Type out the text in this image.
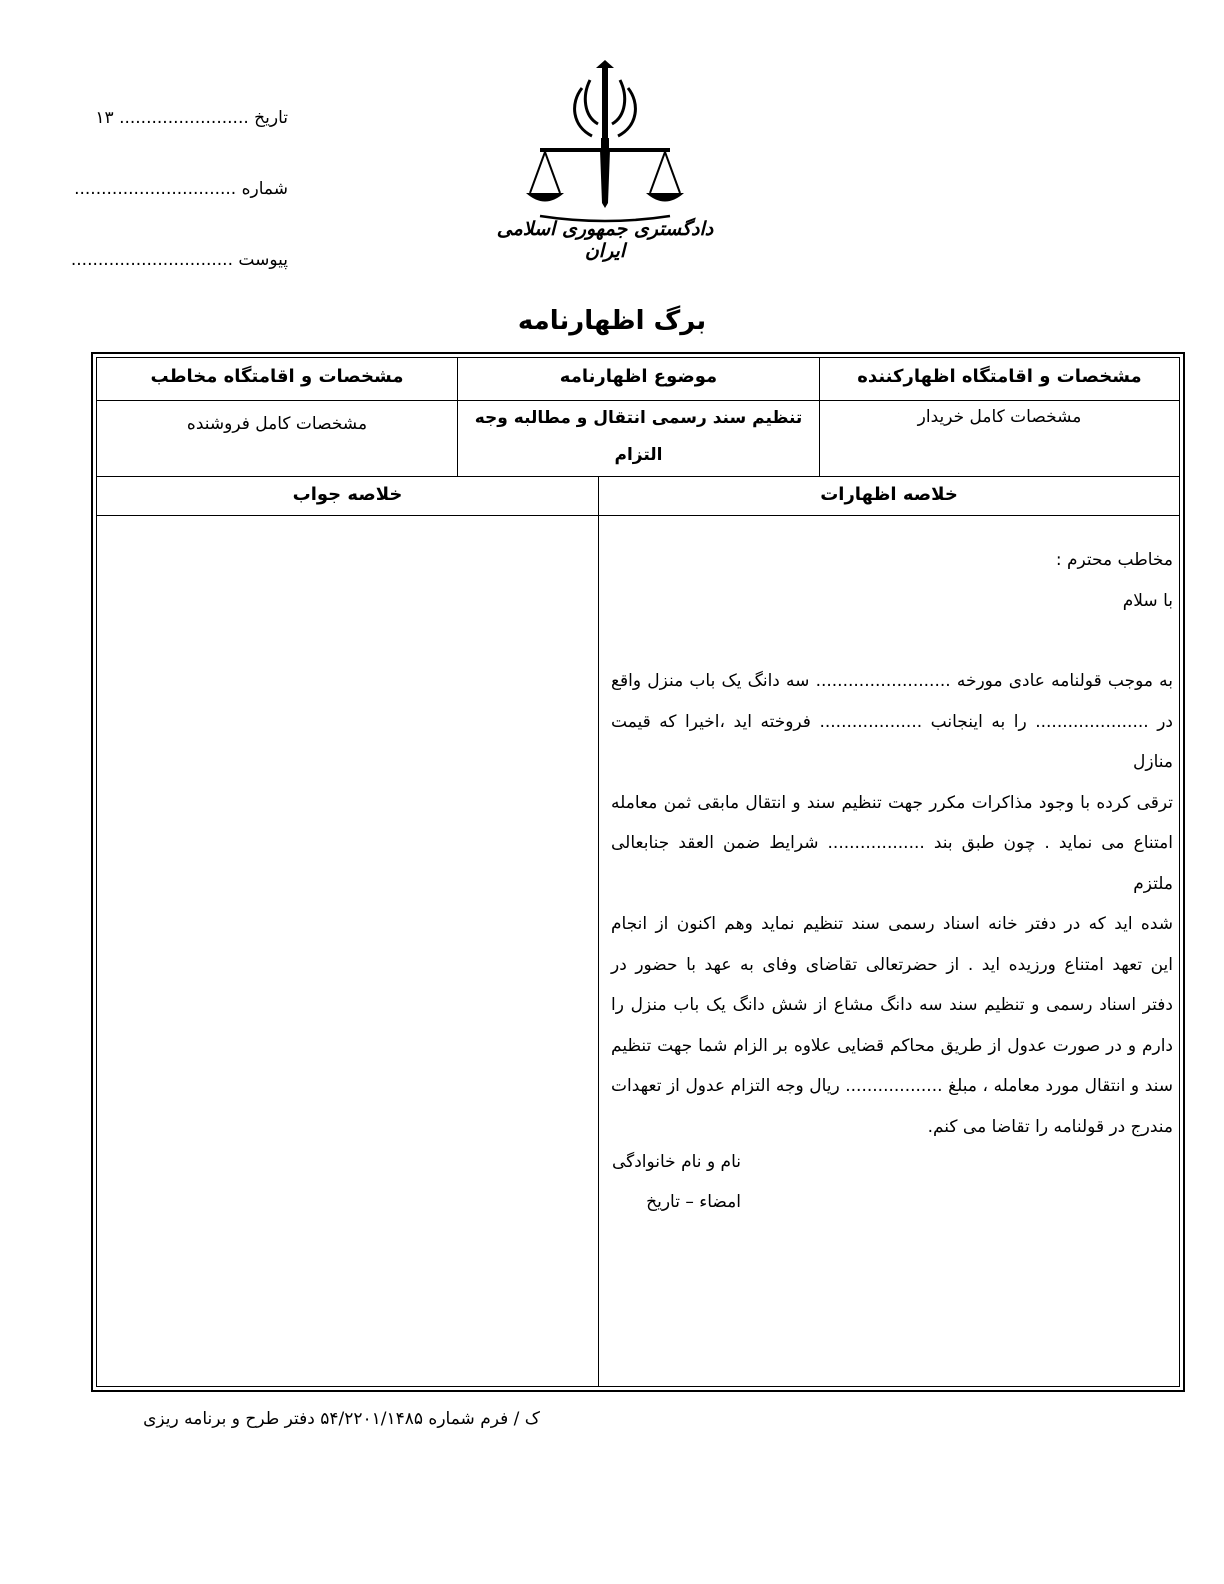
تاریخ ........................ ۱۳
شماره ..............................
پیوست ..............................
دادگستری جمهوری اسلامی ایران
برگ اظهارنامه
مشخصات و اقامتگاه اظهارکننده
موضوع اظهارنامه
مشخصات و اقامتگاه مخاطب
مشخصات کامل خریدار
تنظیم سند رسمی انتقال و مطالبه وجه
التزام
مشخصات کامل فروشنده
خلاصه اظهارات
خلاصه جواب

مخاطب محترم :

با سلام

به موجب قولنامه عادی مورخه ......................... سه دانگ یک باب منزل واقع

در ..................... را به اینجانب ................... فروخته اید ،اخیرا که قیمت منازل

ترقی کرده با وجود مذاکرات مکرر جهت تنظیم سند و انتقال مابقی ثمن معامله

امتناع می نماید . چون طبق بند .................. شرایط ضمن العقد جنابعالی ملتزم

شده اید که در دفتر خانه اسناد رسمی سند تنظیم نماید وهم اکنون از انجام

این تعهد امتناع ورزیده اید . از حضرتعالی تقاضای وفای به عهد با حضور در

دفتر اسناد رسمی و تنظیم سند سه دانگ مشاع از شش دانگ یک باب منزل را

دارم و در صورت عدول از طریق محاکم قضایی علاوه بر الزام شما جهت تنظیم

سند و انتقال مورد معامله ، مبلغ .................. ریال وجه التزام عدول از تعهدات

مندرج در قولنامه را تقاضا می کنم.

نام و نام خانوادگی
امضاء – تاریخ
ک / فرم شماره ۵۴/۲۲۰۱/۱۴۸۵ دفتر طرح و برنامه ریزی
